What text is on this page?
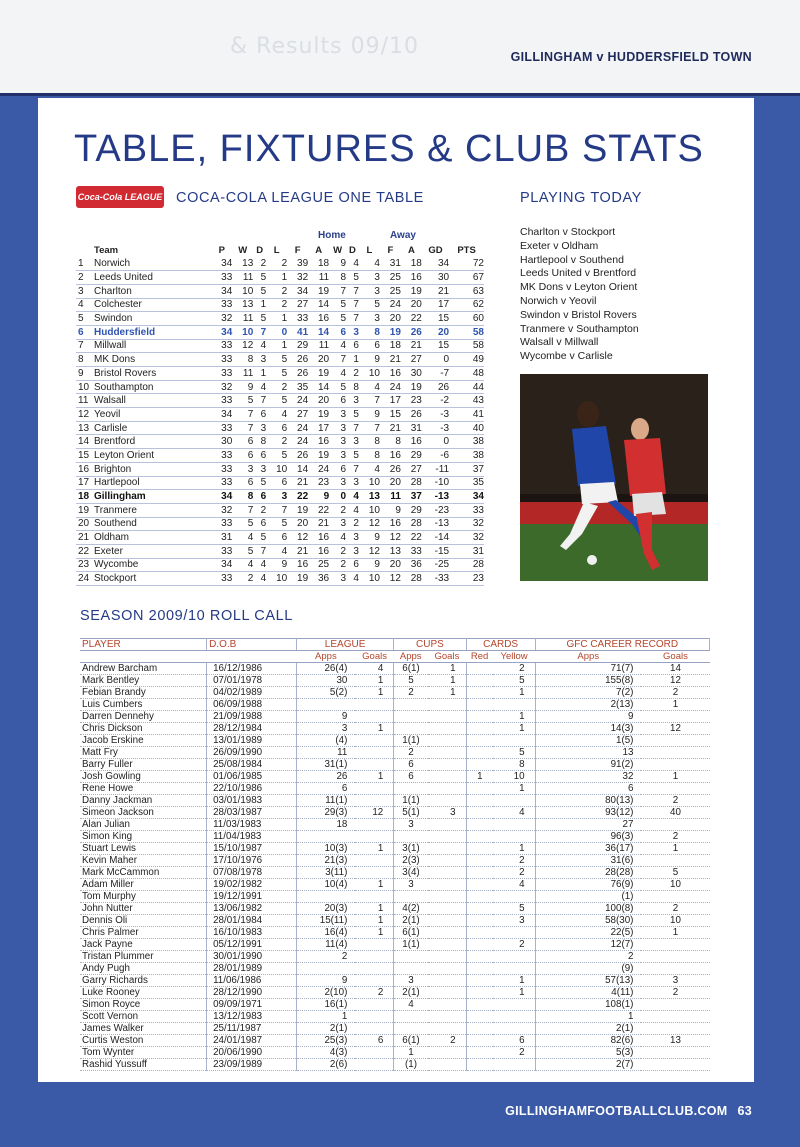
& Results 09/10	GILLINGHAM v HUDDERSFIELD TOWN
TABLE, FIXTURES & CLUB STATS
Coca-Cola LEAGUE 1
COCA-COLA LEAGUE ONE TABLE	PLAYING TODAY
Home	Away
	Team	P	W	D	L	F	A	W	D	L	F	A	GD	PTS
1	Norwich	34	13	2	2	39	18	9	4	4	31	18	34	72
2	Leeds United	33	11	5	1	32	11	8	5	3	25	16	30	67
3	Charlton	34	10	5	2	34	19	7	7	3	25	19	21	63
4	Colchester	33	13	1	2	27	14	5	7	5	24	20	17	62
5	Swindon	32	11	5	1	33	16	5	7	3	20	22	15	60
6	Huddersfield	34	10	7	0	41	14	6	3	8	19	26	20	58
7	Millwall	33	12	4	1	29	11	4	6	6	18	21	15	58
8	MK Dons	33	8	3	5	26	20	7	1	9	21	27	0	49
9	Bristol Rovers	33	11	1	5	26	19	4	2	10	16	30	-7	48
10	Southampton	32	9	4	2	35	14	5	8	4	24	19	26	44
11	Walsall	33	5	7	5	24	20	6	3	7	17	23	-2	43
12	Yeovil	34	7	6	4	27	19	3	5	9	15	26	-3	41
13	Carlisle	33	7	3	6	24	17	3	7	7	21	31	-3	40
14	Brentford	30	6	8	2	24	16	3	3	8	8	16	0	38
15	Leyton Orient	33	6	6	5	26	19	3	5	8	16	29	-6	38
16	Brighton	33	3	3	10	14	24	6	7	4	26	27	-11	37
17	Hartlepool	33	6	5	6	21	23	3	3	10	20	28	-10	35
18	Gillingham	34	8	6	3	22	9	0	4	13	11	37	-13	34
19	Tranmere	32	7	2	7	19	22	2	4	10	9	29	-23	33
20	Southend	33	5	6	5	20	21	3	2	12	16	28	-13	32
21	Oldham	31	4	5	6	12	16	4	3	9	12	22	-14	32
22	Exeter	33	5	7	4	21	16	2	3	12	13	33	-15	31
23	Wycombe	34	4	4	9	16	25	2	6	9	20	36	-25	28
24	Stockport	33	2	4	10	19	36	3	4	10	12	28	-33	23
Charlton v Stockport
Exeter v Oldham
Hartlepool v Southend
Leeds United v Brentford
MK Dons v Leyton Orient
Norwich v Yeovil
Swindon v Bristol Rovers
Tranmere v Southampton
Walsall v Millwall
Wycombe v Carlisle
SEASON 2009/10 ROLL CALL
PLAYER	D.O.B	LEAGUE		CUPS		CARDS		GFC CAREER RECORD	
		Apps	Goals	Apps	Goals	Red	Yellow	Apps	Goals
Andrew Barcham	16/12/1986	26(4)	4	6(1)	1		2	71(7)	14
Mark Bentley	07/01/1978	30	1	5	1		5	155(8)	12
Febian Brandy	04/02/1989	5(2)	1	2	1		1	7(2)	2
Luis Cumbers	06/09/1988							2(13)	1
Darren Dennehy	21/09/1988	9					1	9	
Chris Dickson	28/12/1984	3	1				1	14(3)	12
Jacob Erskine	13/01/1989	(4)		1(1)				1(5)	
Matt Fry	26/09/1990	11		2			5	13	
Barry Fuller	25/08/1984	31(1)		6			8	91(2)	
Josh Gowling	01/06/1985	26	1	6		1	10	32	1
Rene Howe	22/10/1986	6					1	6	
Danny Jackman	03/01/1983	11(1)		1(1)				80(13)	2
Simeon Jackson	28/03/1987	29(3)	12	5(1)	3		4	93(12)	40
Alan Julian	11/03/1983	18		3				27	
Simon King	11/04/1983							96(3)	2
Stuart Lewis	15/10/1987	10(3)	1	3(1)			1	36(17)	1
Kevin Maher	17/10/1976	21(3)		2(3)			2	31(6)	
Mark McCammon	07/08/1978	3(11)		3(4)			2	28(28)	5
Adam Miller	19/02/1982	10(4)	1	3			4	76(9)	10
Tom Murphy	19/12/1991							(1)	
John Nutter	13/06/1982	20(3)	1	4(2)			5	100(8)	2
Dennis Oli	28/01/1984	15(11)	1	2(1)			3	58(30)	10
Chris Palmer	16/10/1983	16(4)	1	6(1)				22(5)	1
Jack Payne	05/12/1991	11(4)		1(1)			2	12(7)	
Tristan Plummer	30/01/1990	2						2	
Andy Pugh	28/01/1989							(9)	
Garry Richards	11/06/1986	9		3			1	57(13)	3
Luke Rooney	28/12/1990	2(10)	2	2(1)			1	4(11)	2
Simon Royce	09/09/1971	16(1)		4				108(1)	
Scott Vernon	13/12/1983	1						1	
James Walker	25/11/1987	2(1)						2(1)	
Curtis Weston	24/01/1987	25(3)	6	6(1)	2		6	82(6)	13
Tom Wynter	20/06/1990	4(3)		1			2	5(3)	
Rashid Yussuff	23/09/1989	2(6)		(1)				2(7)	
GILLINGHAMFOOTBALLCLUB.COM 63
